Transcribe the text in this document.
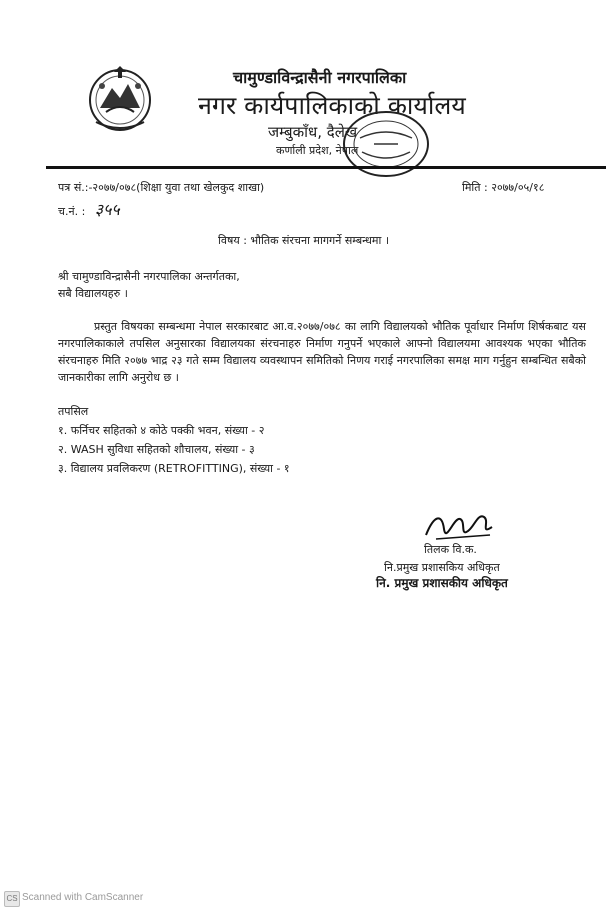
चामुण्डाविन्द्रासैनी नगरपालिका
नगर कार्यपालिकाको कार्यालय
जम्बुकाँध, दैलेख
कर्णाली प्रदेश, नेपाल
पत्र सं.:-२०७७/०७८(शिक्षा युवा तथा खेलकुद शाखा)	मिति : २०७७/०५/१८
च.नं. : ३५५
विषय : भौतिक संरचना मागगर्ने सम्बन्धमा ।
श्री चामुण्डाविन्द्रासैनी नगरपालिका अन्तर्गतका,
सबै विद्यालयहरु ।
प्रस्तुत विषयका सम्बन्धमा नेपाल सरकारबाट आ.व.२०७७/०७८ का लागि विद्यालयको भौतिक पूर्वाधार निर्माण शिर्षकबाट यस नगरपालिकाकाले तपसिल अनुसारका विद्यालयका संरचनाहरु निर्माण गनुपर्ने भएकाले आफ्नो विद्यालयमा आवश्यक भएका भौतिक संरचनाहरु मिति २०७७ भाद्र २३ गते सम्म विद्यालय व्यवस्थापन समितिको निणय गराई नगरपालिका समक्ष माग गर्नुहुन सम्बन्धित सबैको जानकारीका लागि अनुरोध छ ।
तपसिल
१. फर्निचर सहितको ४ कोठे पक्की भवन, संख्या - २
२. WASH सुविधा सहितको शौचालय, संख्या - ३
३. विद्यालय प्रवलिकरण (RETROFITTING), संख्या - १
तिलक वि.क.
नि.प्रमुख प्रशासकिय अधिकृत
नि. प्रमुख प्रशासकीय अधिकृत
CS Scanned with CamScanner
